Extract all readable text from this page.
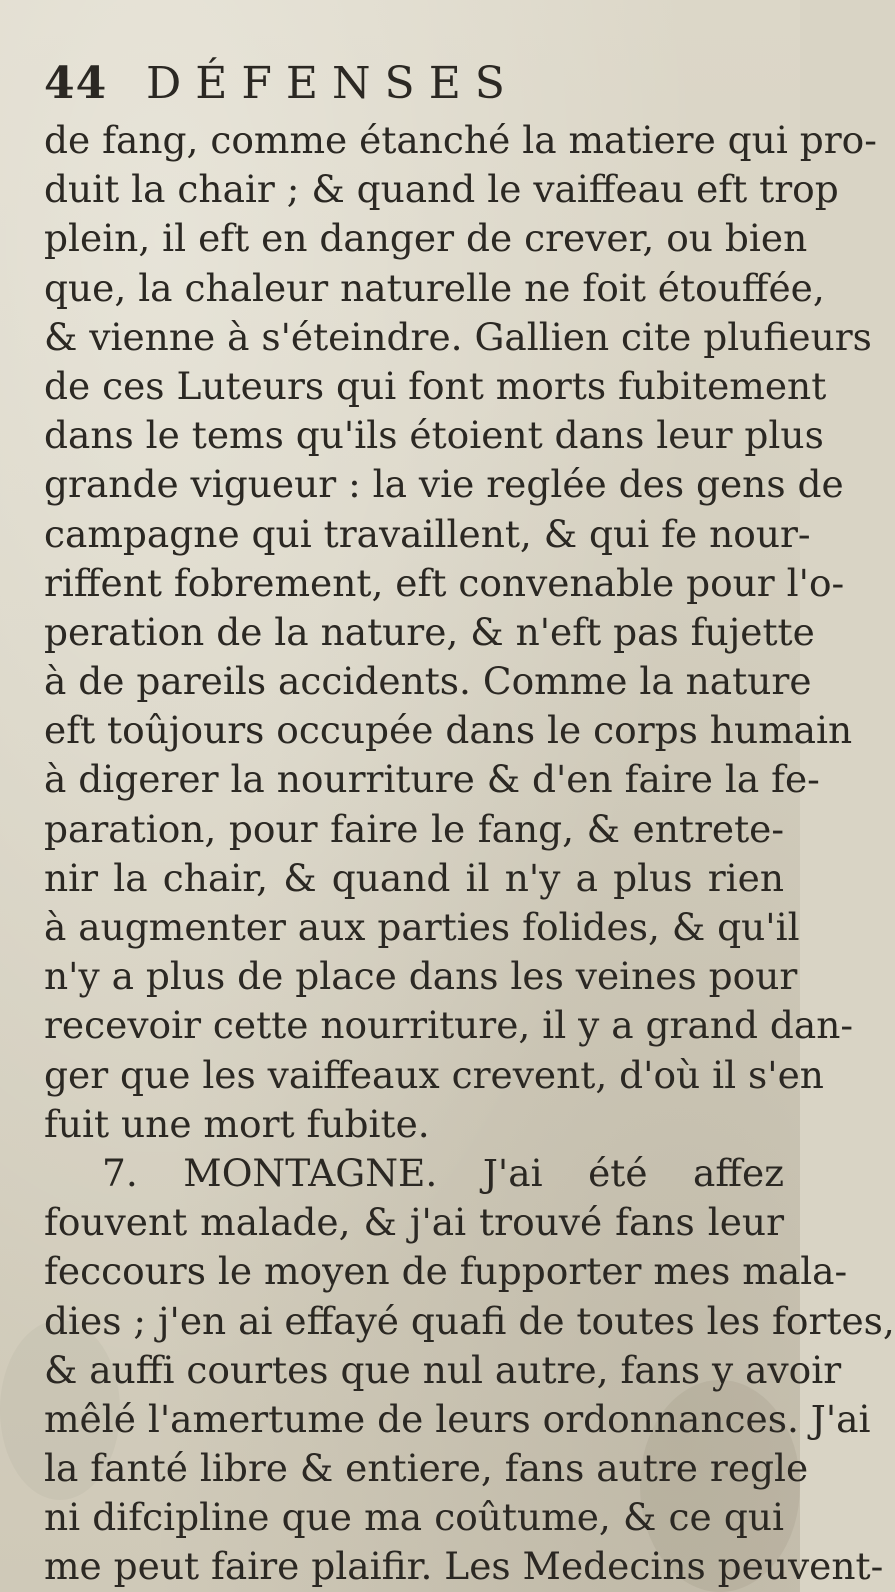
44 DÉFENSES
de fang, comme étanché la matiere qui pro-
duit la chair ; & quand le vaiffeau eft trop
plein, il eft en danger de crever, ou bien
que, la chaleur naturelle ne foit étouffée,
& vienne à s'éteindre. Gallien cite plufieurs
de ces Luteurs qui font morts fubitement
dans le tems qu'ils étoient dans leur plus
grande vigueur : la vie reglée des gens de
campagne qui travaillent, & qui fe nour-
riffent fobrement, eft convenable pour l'o-
peration de la nature, & n'eft pas fujette
à de pareils accidents. Comme la nature
eft toûjours occupée dans le corps humain
à digerer la nourriture & d'en faire la fe-
paration, pour faire le fang, & entrete-
nir la chair, & quand il n'y a plus rien
à augmenter aux parties folides, & qu'il
n'y a plus de place dans les veines pour
recevoir cette nourriture, il y a grand dan-
ger que les vaiffeaux crevent, d'où il s'en
fuit une mort fubite.
7. MONTAGNE. J'ai été affez
fouvent malade, & j'ai trouvé fans leur
feccours le moyen de fupporter mes mala-
dies ; j'en ai effayé quafi de toutes les fortes,
& auffi courtes que nul autre, fans y avoir
mêlé l'amertume de leurs ordonnances. J'ai
la fanté libre & entiere, fans autre regle
ni difcipline que ma coûtume, & ce qui
me peut faire plaifir. Les Medecins peuvent-
